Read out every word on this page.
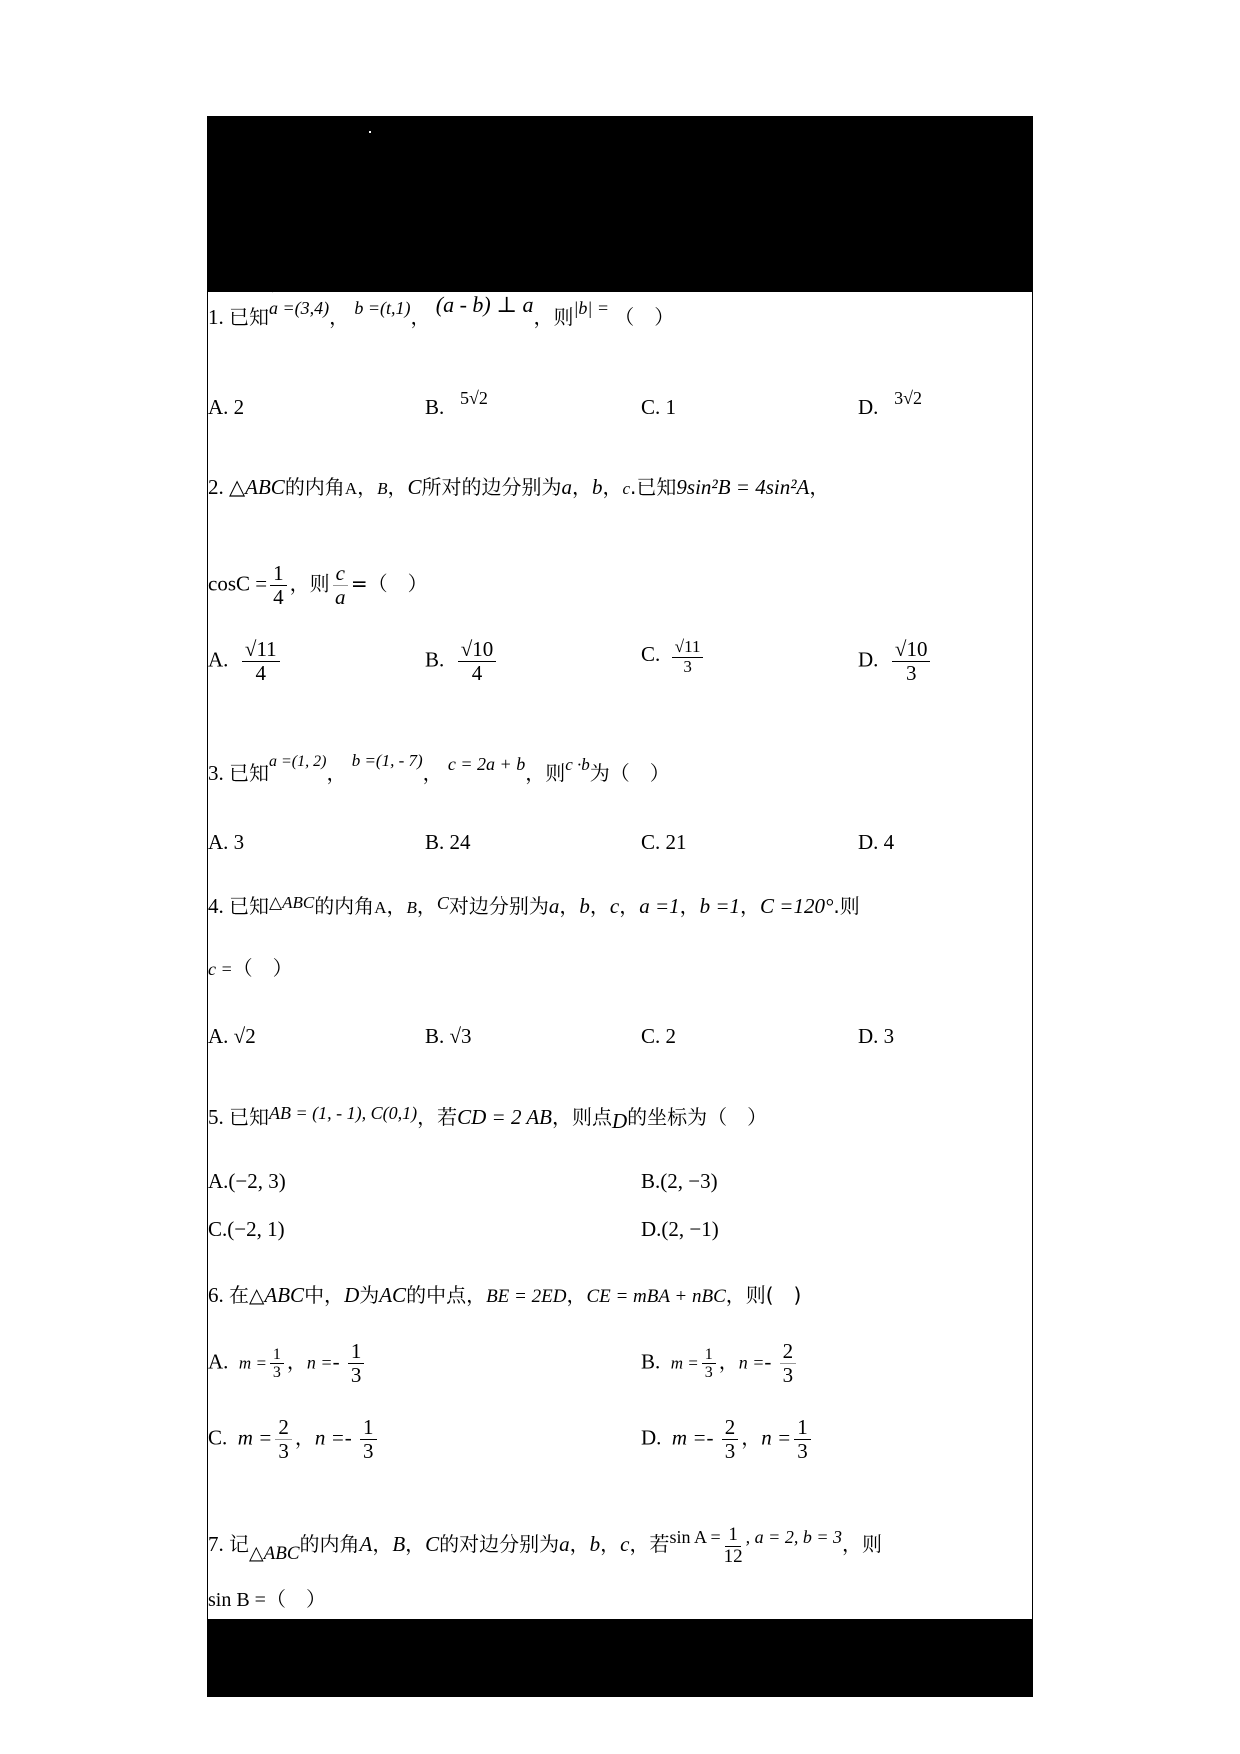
1. 已知' a =(3,4)， b =(t,1)， (a - b) ⊥ a，则|b| = （　）
A. 2	B. 5√2	C. 1	D. 3√2
2. △ABC的内角A，B，C所对的边分别为a，b，c.已知9sin²B = 4sin²A，
$\cos C = \frac{1}{4}$ ，则 $\frac{c}{a}$ =（　）
A. $\frac{√11}{4}$	B. $\frac{√10}{4}$	C. $\frac{√11}{3}$	D. $\frac{√10}{3}$
3. 已知$^{a =(1, 2)}$， $^{b =(1, - 7)}$， c = 2a + b，则$^{c \cdot b}$为（　）
A. 3	B. 24	C. 21	D. 4
4. 已知$^{\triangle ABC}$的内角A，B，C对边分别为a，b，c，a =1，b =1，C =120°.则
c =（　）
A. √2	B. √3	C. 2	D. 3
5. 已知AB = (1, - 1), C(0,1)，若CD = 2 AB，则点D的坐标为（　）
A.(−2, 3)	B.(2, −3)
C.(−2, 1)	D.(2, −1)
6. 在△ABC中，D为AC的中点，BE = 2ED，CE = mBA + nBC，则(　)
A. $m = \frac{1}{3}$ ，$n =- \frac{1}{3}$	B. $m = \frac{1}{3}$ ，$n =- \frac{2}{3}$
C. $m = \frac{2}{3}$ ，$n =- \frac{1}{3}$	D. $m =- \frac{2}{3}$ ，$n = \frac{1}{3}$
7. 记△ABC的内角A，B，C的对边分别为a，b，c，若$\sin A = \frac{1}{12}$ , a = 2, b = 3，则
sin B =（　）
